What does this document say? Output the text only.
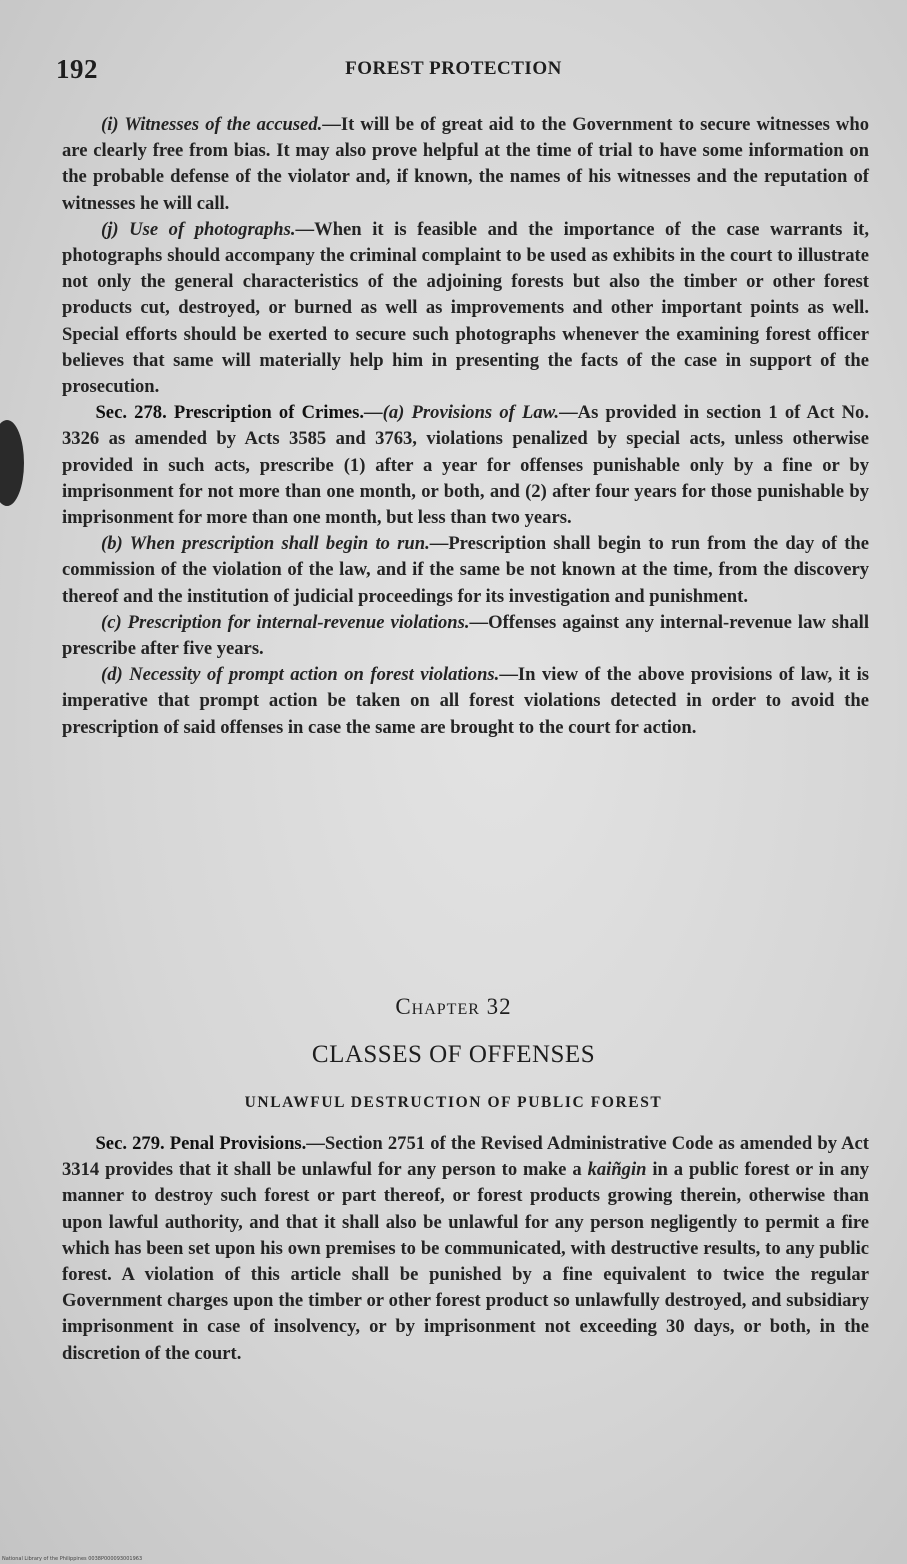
192	FOREST PROTECTION

(i) Witnesses of the accused.—It will be of great aid to the Government to secure witnesses who are clearly free from bias. It may also prove helpful at the time of trial to have some information on the probable defense of the violator and, if known, the names of his witnesses and the reputation of witnesses he will call.

(j) Use of photographs.—When it is feasible and the importance of the case warrants it, photographs should accompany the criminal complaint to be used as exhibits in the court to illustrate not only the general characteristics of the adjoining forests but also the timber or other forest products cut, destroyed, or burned as well as improvements and other important points as well. Special efforts should be exerted to secure such photographs whenever the examining forest officer believes that same will materially help him in presenting the facts of the case in support of the prosecution.

Sec. 278. Prescription of Crimes.—(a) Provisions of Law.—As provided in section 1 of Act No. 3326 as amended by Acts 3585 and 3763, violations penalized by special acts, unless otherwise provided in such acts, prescribe (1) after a year for offenses punishable only by a fine or by imprisonment for not more than one month, or both, and (2) after four years for those punishable by imprisonment for more than one month, but less than two years.

(b) When prescription shall begin to run.—Prescription shall begin to run from the day of the commission of the violation of the law, and if the same be not known at the time, from the discovery thereof and the institution of judicial proceedings for its investigation and punishment.

(c) Prescription for internal-revenue violations.—Offenses against any internal-revenue law shall prescribe after five years.

(d) Necessity of prompt action on forest violations.—In view of the above provisions of law, it is imperative that prompt action be taken on all forest violations detected in order to avoid the prescription of said offenses in case the same are brought to the court for action.

Chapter 32
CLASSES OF OFFENSES
UNLAWFUL DESTRUCTION OF PUBLIC FOREST

Sec. 279. Penal Provisions.—Section 2751 of the Revised Administrative Code as amended by Act 3314 provides that it shall be unlawful for any person to make a kaiñgin in a public forest or in any manner to destroy such forest or part thereof, or forest products growing therein, otherwise than upon lawful authority, and that it shall also be unlawful for any person negligently to permit a fire which has been set upon his own premises to be communicated, with destructive results, to any public forest. A violation of this article shall be punished by a fine equivalent to twice the regular Government charges upon the timber or other forest product so unlawfully destroyed, and subsidiary imprisonment in case of insolvency, or by imprisonment not exceeding 30 days, or both, in the discretion of the court.

National Library of the Philippines 0038P000093001963
